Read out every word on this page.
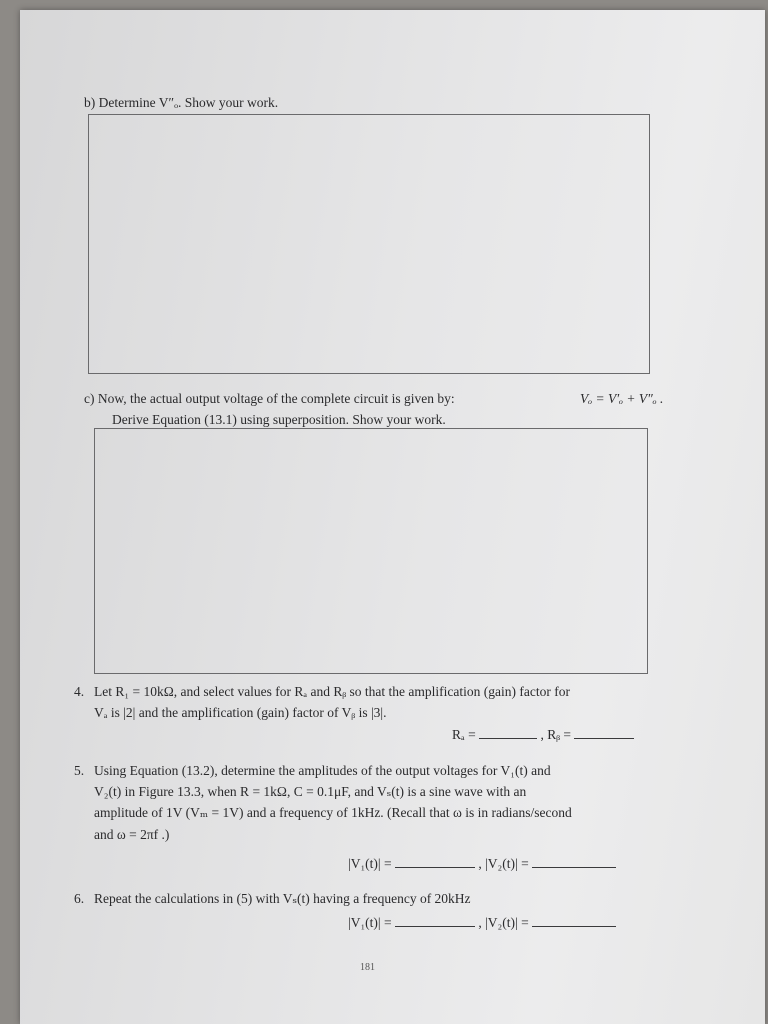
b) Determine V″ₒ. Show your work.
c) Now, the actual output voltage of the complete circuit is given by:	Vₒ = V′ₒ + V″ₒ .
Derive Equation (13.1) using superposition. Show your work.
4. Let R₁ = 10kΩ, and select values for Rₐ and Rᵦ so that the amplification (gain) factor for
Vₐ is |2| and the amplification (gain) factor of Vᵦ is |3|.
Rₐ =	, Rᵦ =
5. Using Equation (13.2), determine the amplitudes of the output voltages for V₁(t) and
V₂(t) in Figure 13.3, when R = 1kΩ, C = 0.1μF, and Vₛ(t) is a sine wave with an
amplitude of 1V (Vₘ = 1V) and a frequency of 1kHz. (Recall that ω is in radians/second
and ω = 2πf .)
|V₁(t)| =	, |V₂(t)| =
6. Repeat the calculations in (5) with Vₛ(t) having a frequency of 20kHz
|V₁(t)| =	, |V₂(t)| =
181
